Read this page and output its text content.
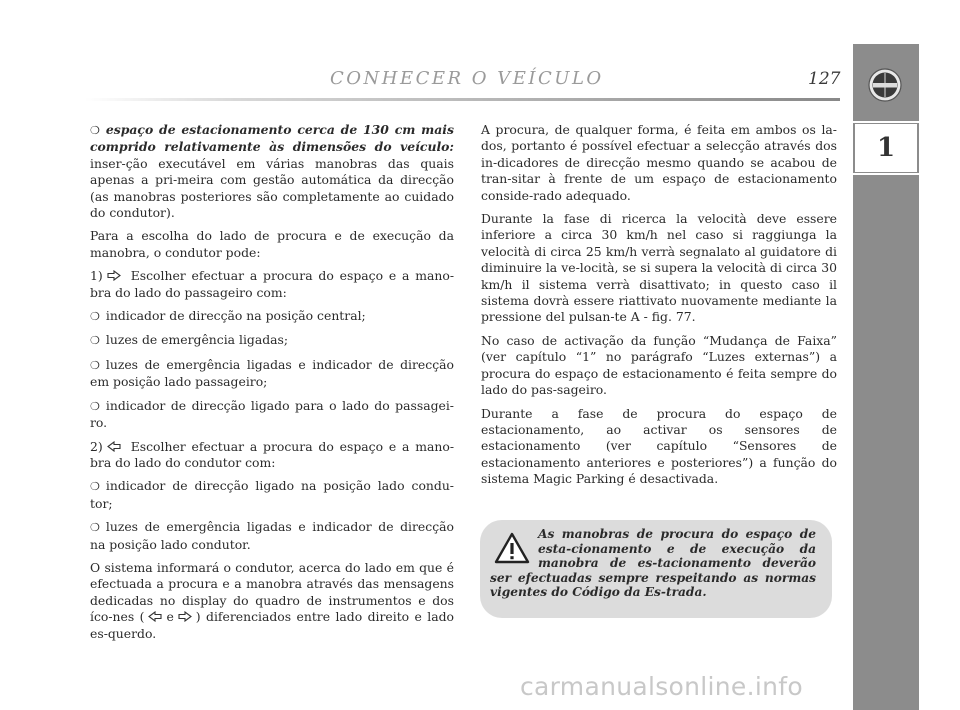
CONHECER O VEÍCULO	127
1

❍ espaço de estacionamento cerca de 130 cm mais comprido relativamente às dimensões do veículo: inser-ção executável em várias manobras das quais apenas a pri-meira com gestão automática da direcção (as manobras posteriores são completamente ao cuidado do condutor).

Para a escolha do lado de procura e de execução da manobra, o condutor pode:

1) Escolher efectuar a procura do espaço e a mano-bra do lado do passageiro com:

❍ indicador de direcção na posição central;

❍ luzes de emergência ligadas;

❍ luzes de emergência ligadas e indicador de direcção em posição lado passageiro;

❍ indicador de direcção ligado para o lado do passagei-ro.

2) Escolher efectuar a procura do espaço e a mano-bra do lado do condutor com:

❍ indicador de direcção ligado na posição lado condu-tor;

❍ luzes de emergência ligadas e indicador de direcção na posição lado condutor.

O sistema informará o condutor, acerca do lado em que é efectuada a procura e a manobra através das mensagens dedicadas no display do quadro de instrumentos e dos íco-nes ( e ) diferenciados entre lado direito e lado es-querdo.

A procura, de qualquer forma, é feita em ambos os la-dos, portanto é possível efectuar a selecção através dos in-dicadores de direcção mesmo quando se acabou de tran-sitar à frente de um espaço de estacionamento conside-rado adequado.

Durante la fase di ricerca la velocità deve essere inferiore a circa 30 km/h nel caso si raggiunga la velocità di circa 25 km/h verrà segnalato al guidatore di diminuire la ve-locità, se si supera la velocità di circa 30 km/h il sistema verrà disattivato; in questo caso il sistema dovrà essere riattivato nuovamente mediante la pressione del pulsan-te A - fig. 77.

No caso de activação da função “Mudança de Faixa” (ver capítulo “1” no parágrafo “Luzes externas”) a procura do espaço de estacionamento é feita sempre do lado do pas-sageiro.

Durante a fase de procura do espaço de estacionamento, ao activar os sensores de estacionamento (ver capítulo “Sensores de estacionamento anteriores e posteriores”) a função do sistema Magic Parking é desactivada.

As manobras de procura do espaço de esta-cionamento e de execução da manobra de es-tacionamento deverão ser efectuadas sempre respeitando as normas vigentes do Código da Es-trada.

carmanualsonline.info
